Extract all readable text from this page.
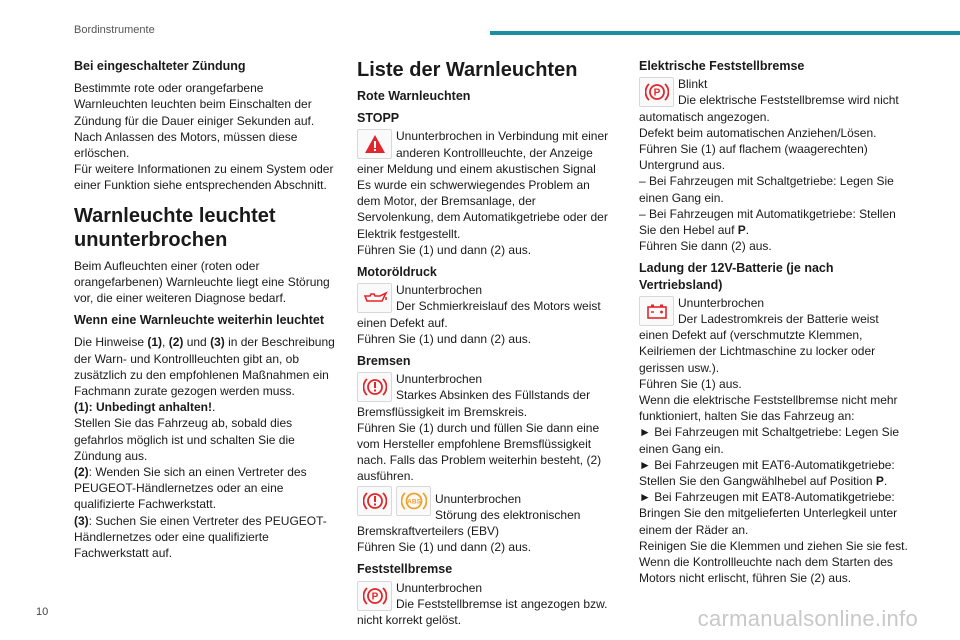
Bordinstrumente
Bei eingeschalteter Zündung

Bestimmte rote oder orangefarbene Warnleuchten leuchten beim Einschalten der Zündung für die Dauer einiger Sekunden auf. Nach Anlassen des Motors, müssen diese erlöschen.

Für weitere Informationen zu einem System oder einer Funktion siehe entsprechenden Abschnitt.

Warnleuchte leuchtet ununterbrochen

Beim Aufleuchten einer (roten oder orangefarbenen) Warnleuchte liegt eine Störung vor, die einer weiteren Diagnose bedarf.

Wenn eine Warnleuchte weiterhin leuchtet

Die Hinweise (1), (2) und (3) in der Beschreibung der Warn- und Kontrollleuchten gibt an, ob zusätzlich zu den empfohlenen Maßnahmen ein Fachmann zurate gezogen werden muss.

(1): Unbedingt anhalten!.

Stellen Sie das Fahrzeug ab, sobald dies gefahrlos möglich ist und schalten Sie die Zündung aus.

(2): Wenden Sie sich an einen Vertreter des PEUGEOT-Händlernetzes oder an eine qualifizierte Fachwerkstatt.

(3): Suchen Sie einen Vertreter des PEUGEOT-Händlernetzes oder eine qualifizierte Fachwerkstatt auf.

Liste der Warnleuchten
Rote Warnleuchten
STOPP

Ununterbrochen in Verbindung mit einer anderen Kontrollleuchte, der Anzeige einer Meldung und einem akustischen Signal

Es wurde ein schwerwiegendes Problem an dem Motor, der Bremsanlage, der Servolenkung, dem Automatikgetriebe oder der Elektrik festgestellt.

Führen Sie (1) und dann (2) aus.

Motoröldruck

Ununterbrochen

Der Schmierkreislauf des Motors weist einen Defekt auf.

Führen Sie (1) und dann (2) aus.

Bremsen

Ununterbrochen

Starkes Absinken des Füllstands der Bremsflüssigkeit im Bremskreis.

Führen Sie (1) durch und füllen Sie dann eine vom Hersteller empfohlene Bremsflüssigkeit nach. Falls das Problem weiterhin besteht, (2) ausführen.

ABS	Ununterbrochen

Störung des elektronischen Bremskraftverteilers (EBV)

Führen Sie (1) und dann (2) aus.

Feststellbremse
P

Ununterbrochen

Die Feststellbremse ist angezogen bzw. nicht korrekt gelöst.

Elektrische Feststellbremse
P

Blinkt

Die elektrische Feststellbremse wird nicht automatisch angezogen.

Defekt beim automatischen Anziehen/Lösen.

Führen Sie (1) auf flachem (waagerechten) Untergrund aus.

– Bei Fahrzeugen mit Schaltgetriebe: Legen Sie einen Gang ein.

– Bei Fahrzeugen mit Automatikgetriebe: Stellen Sie den Hebel auf P.

Führen Sie dann (2) aus.

Ladung der 12V-Batterie (je nach Vertriebsland)

Ununterbrochen

Der Ladestromkreis der Batterie weist einen Defekt auf (verschmutzte Klemmen, Keilriemen der Lichtmaschine zu locker oder gerissen usw.).

Führen Sie (1) aus.

Wenn die elektrische Feststellbremse nicht mehr funktioniert, halten Sie das Fahrzeug an:

► Bei Fahrzeugen mit Schaltgetriebe: Legen Sie einen Gang ein.

► Bei Fahrzeugen mit EAT6-Automatikgetriebe: Stellen Sie den Gangwählhebel auf Position P.

► Bei Fahrzeugen mit EAT8-Automatikgetriebe: Bringen Sie den mitgelieferten Unterlegkeil unter einem der Räder an.

Reinigen Sie die Klemmen und ziehen Sie sie fest.

Wenn die Kontrollleuchte nach dem Starten des Motors nicht erlischt, führen Sie (2) aus.

10	carmanualsonline.info
